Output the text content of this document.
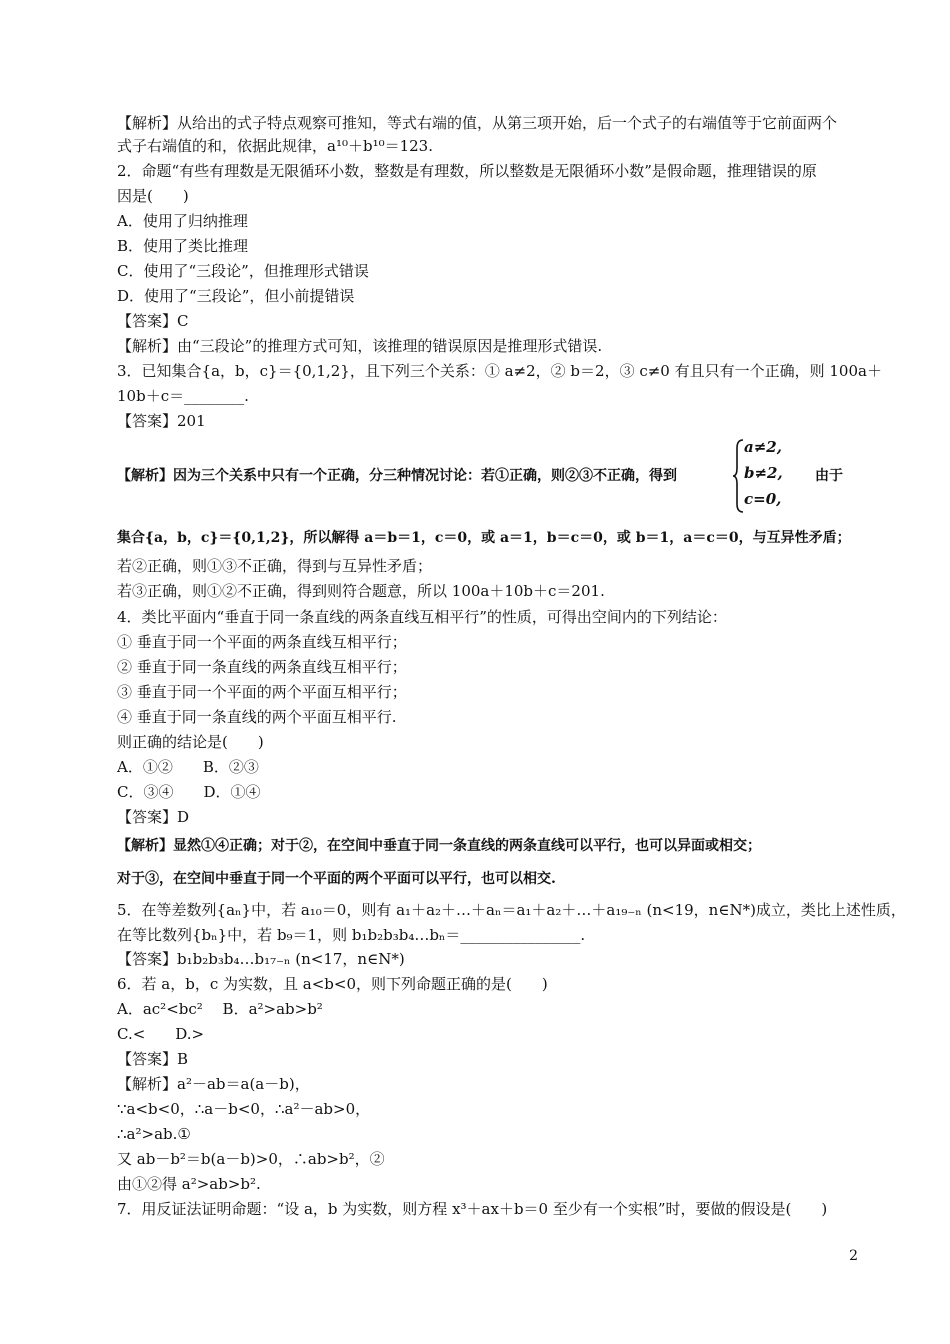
【解析】从给出的式子特点观察可推知，等式右端的值，从第三项开始，后一个式子的右端值等于它前面两个
式子右端值的和，依据此规律，a¹⁰＋b¹⁰＝123.
2．命题“有些有理数是无限循环小数，整数是有理数，所以整数是无限循环小数”是假命题，推理错误的原
因是(　　)
A．使用了归纳推理
B．使用了类比推理
C．使用了“三段论”，但推理形式错误
D．使用了“三段论”，但小前提错误
【答案】C
【解析】由“三段论”的推理方式可知，该推理的错误原因是推理形式错误.
3．已知集合{a，b，c}＝{0,1,2}，且下列三个关系：① a≠2，② b＝2，③ c≠0 有且只有一个正确，则 100a＋
10b＋c＝________.
【答案】201
【解析】因为三个关系中只有一个正确，分三种情况讨论：若①正确，则②③不正确，得到
a≠2,
b≠2,
c=0,
由于
集合{a，b，c}＝{0,1,2}，所以解得 a＝b＝1，c＝0，或 a＝1，b＝c＝0，或 b＝1，a＝c＝0，与互异性矛盾；
若②正确，则①③不正确，得到与互异性矛盾；
若③正确，则①②不正确，得到则符合题意，所以 100a＋10b＋c＝201.
4．类比平面内“垂直于同一条直线的两条直线互相平行”的性质，可得出空间内的下列结论：
① 垂直于同一个平面的两条直线互相平行；
② 垂直于同一条直线的两条直线互相平行；
③ 垂直于同一个平面的两个平面互相平行；
④ 垂直于同一条直线的两个平面互相平行.
则正确的结论是(　　)
A．①②　　B．②③
C．③④　　D．①④
【答案】D
【解析】显然①④正确；对于②，在空间中垂直于同一条直线的两条直线可以平行，也可以异面或相交；
对于③，在空间中垂直于同一个平面的两个平面可以平行，也可以相交.
5．在等差数列{aₙ}中，若 a₁₀＝0，则有 a₁＋a₂＋…＋aₙ＝a₁＋a₂＋…＋a₁₉₋ₙ (n<19，n∈N*)成立，类比上述性质，
在等比数列{bₙ}中，若 b₉＝1，则 b₁b₂b₃b₄…bₙ＝________________.
【答案】b₁b₂b₃b₄…b₁₇₋ₙ (n<17，n∈N*)
6．若 a，b，c 为实数，且 a<b<0，则下列命题正确的是(　　)
A．ac²<bc²　 B．a²>ab>b²
C.<　　D.>
【答案】B
【解析】a²－ab＝a(a－b)，
∵a<b<0，∴a－b<0，∴a²－ab>0，
∴a²>ab.①
又 ab－b²＝b(a－b)>0，∴ab>b²，②
由①②得 a²>ab>b².
7．用反证法证明命题：“设 a，b 为实数，则方程 x³＋ax＋b＝0 至少有一个实根”时，要做的假设是(　　)
2
